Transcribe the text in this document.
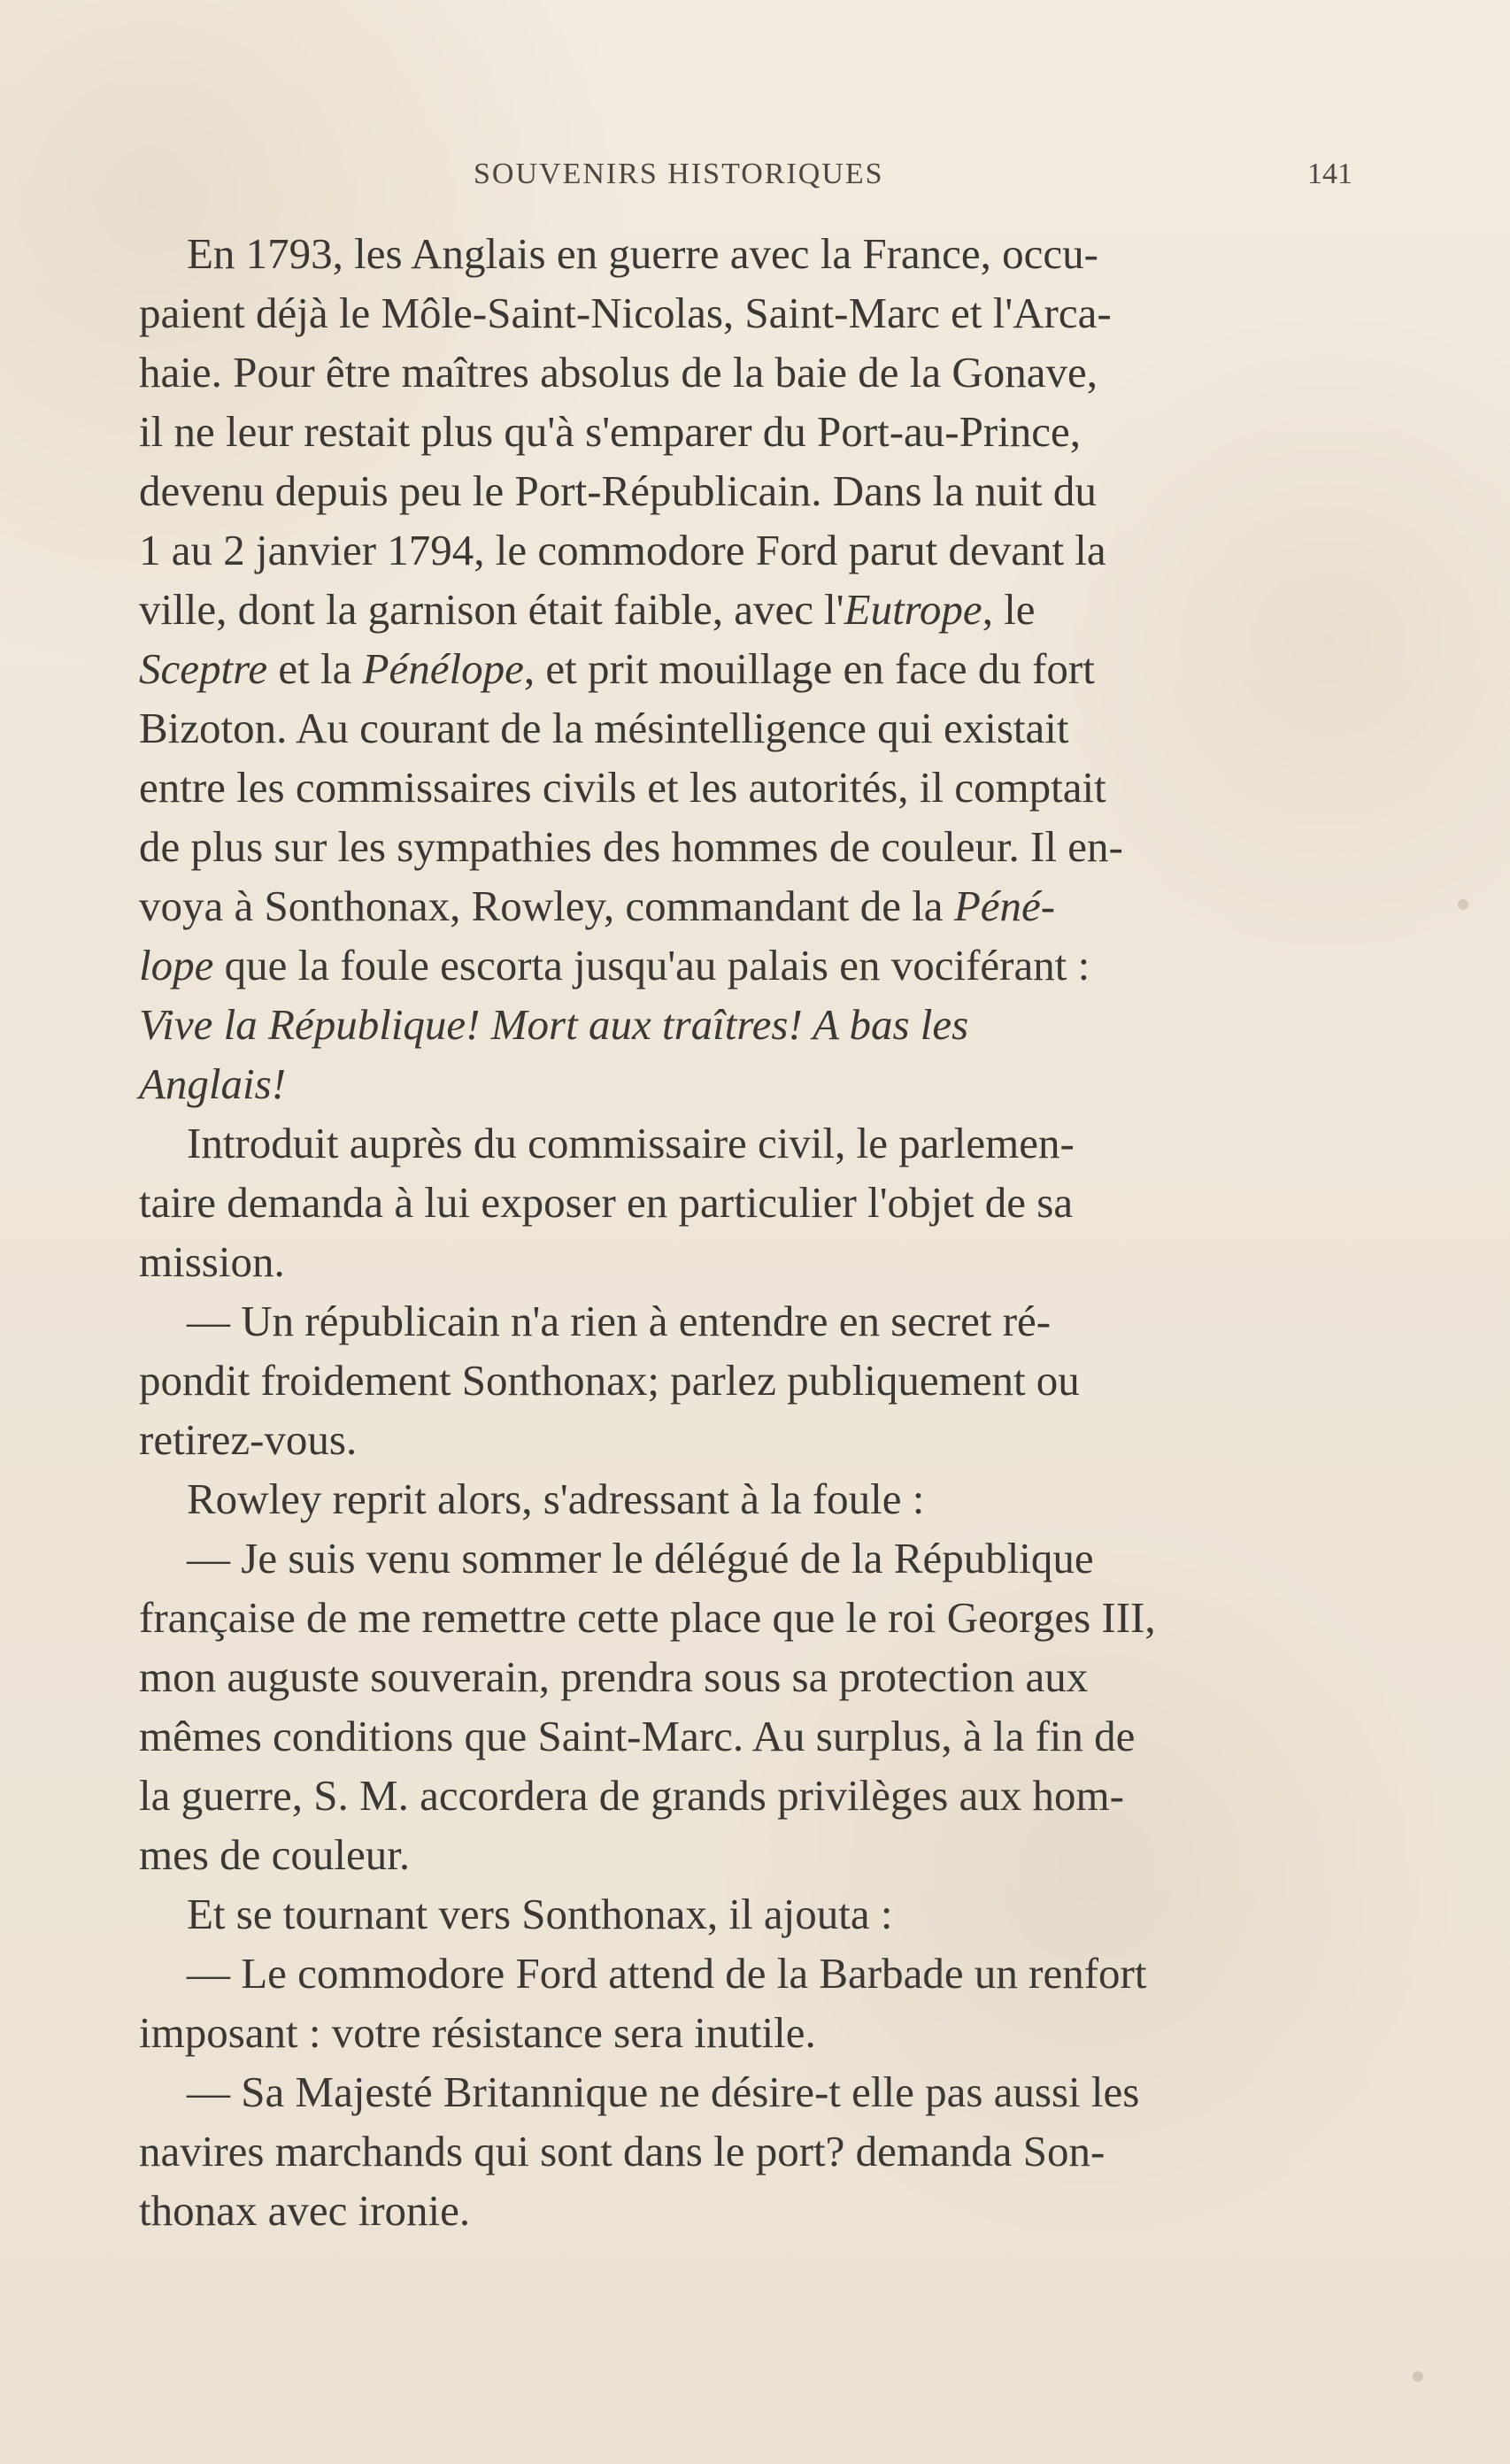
SOUVENIRS HISTORIQUES	141
En 1793, les Anglais en guerre avec la France, occu-
paient déjà le Môle-Saint-Nicolas, Saint-Marc et l'Arca-
haie. Pour être maîtres absolus de la baie de la Gonave,
il ne leur restait plus qu'à s'emparer du Port-au-Prince,
devenu depuis peu le Port-Républicain. Dans la nuit du
1 au 2 janvier 1794, le commodore Ford parut devant la
ville, dont la garnison était faible, avec l'Eutrope, le
Sceptre et la Pénélope, et prit mouillage en face du fort
Bizoton. Au courant de la mésintelligence qui existait
entre les commissaires civils et les autorités, il comptait
de plus sur les sympathies des hommes de couleur. Il en-
voya à Sonthonax, Rowley, commandant de la Péné-
lope que la foule escorta jusqu'au palais en vociférant :
Vive la République! Mort aux traîtres! A bas les
Anglais!
Introduit auprès du commissaire civil, le parlemen-
taire demanda à lui exposer en particulier l'objet de sa
mission.
— Un républicain n'a rien à entendre en secret ré-
pondit froidement Sonthonax; parlez publiquement ou
retirez-vous.
Rowley reprit alors, s'adressant à la foule :
— Je suis venu sommer le délégué de la République
française de me remettre cette place que le roi Georges III,
mon auguste souverain, prendra sous sa protection aux
mêmes conditions que Saint-Marc. Au surplus, à la fin de
la guerre, S. M. accordera de grands privilèges aux hom-
mes de couleur.
Et se tournant vers Sonthonax, il ajouta :
— Le commodore Ford attend de la Barbade un renfort
imposant : votre résistance sera inutile.
— Sa Majesté Britannique ne désire-t elle pas aussi les
navires marchands qui sont dans le port? demanda Son-
thonax avec ironie.
